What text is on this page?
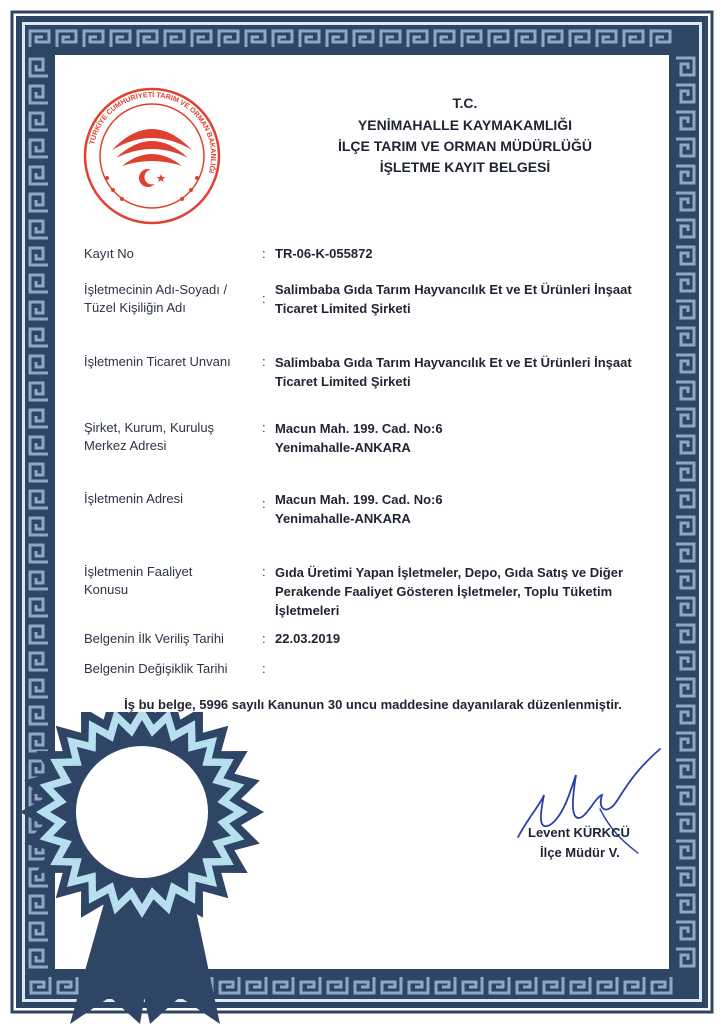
TÜRKİYE CUMHURİYETİ TARIM VE ORMAN BAKANLIĞI
T.C.
YENİMAHALLE KAYMAKAMLIĞI
İLÇE TARIM VE ORMAN MÜDÜRLÜĞÜ
İŞLETME KAYIT BELGESİ
Kayıt No	: TR-06-K-055872
İşletmecinin Adı-Soyadı / Tüzel Kişiliğin Adı
:
Salimbaba Gıda Tarım Hayvancılık Et ve Et Ürünleri İnşaat Ticaret Limited Şirketi
İşletmenin Ticaret Unvanı	: Salimbaba Gıda Tarım Hayvancılık Et ve Et Ürünleri İnşaat Ticaret Limited Şirketi
Şirket, Kurum, Kuruluş Merkez Adresi
: Macun Mah. 199. Cad. No:6 Yenimahalle-ANKARA
İşletmenin Adresi	: Macun Mah. 199. Cad. No:6 Yenimahalle-ANKARA
İşletmenin Faaliyet Konusu
: Gıda Üretimi Yapan İşletmeler, Depo, Gıda Satış ve Diğer Perakende Faaliyet Gösteren İşletmeler, Toplu Tüketim İşletmeleri
Belgenin İlk Veriliş Tarihi	: 22.03.2019
Belgenin Değişiklik Tarihi	:
İş bu belge, 5996 sayılı Kanunun 30 uncu maddesine dayanılarak düzenlenmiştir.
Levent KÜRKCÜ
İlçe Müdür V.
